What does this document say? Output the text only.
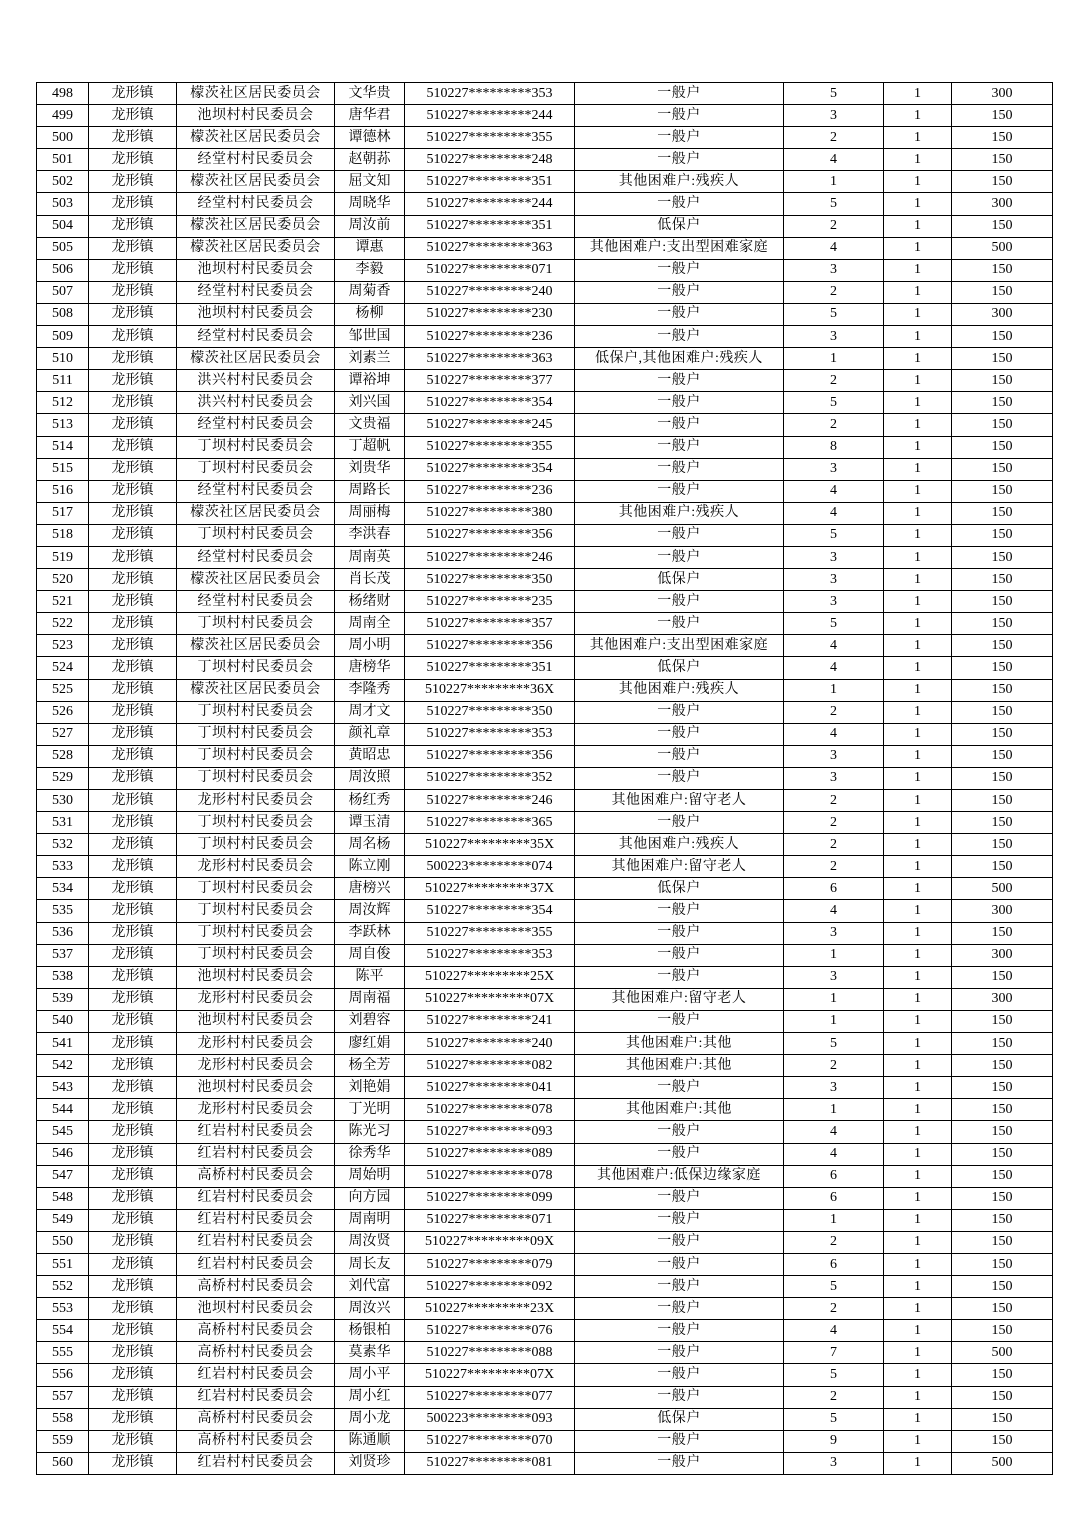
498	龙形镇	檬茨社区居民委员会	文华贵	510227*********353	一般户	5	1	300
499	龙形镇	池坝村村民委员会	唐华君	510227*********244	一般户	3	1	150
500	龙形镇	檬茨社区居民委员会	谭德林	510227*********355	一般户	2	1	150
501	龙形镇	经堂村村民委员会	赵朝荪	510227*********248	一般户	4	1	150
502	龙形镇	檬茨社区居民委员会	屈文知	510227*********351	其他困难户:残疾人	1	1	150
503	龙形镇	经堂村村民委员会	周晓华	510227*********244	一般户	5	1	300
504	龙形镇	檬茨社区居民委员会	周汝前	510227*********351	低保户	2	1	150
505	龙形镇	檬茨社区居民委员会	谭惠	510227*********363	其他困难户:支出型困难家庭	4	1	500
506	龙形镇	池坝村村民委员会	李毅	510227*********071	一般户	3	1	150
507	龙形镇	经堂村村民委员会	周菊香	510227*********240	一般户	2	1	150
508	龙形镇	池坝村村民委员会	杨柳	510227*********230	一般户	5	1	300
509	龙形镇	经堂村村民委员会	邹世国	510227*********236	一般户	3	1	150
510	龙形镇	檬茨社区居民委员会	刘素兰	510227*********363	低保户,其他困难户:残疾人	1	1	150
511	龙形镇	洪兴村村民委员会	谭裕坤	510227*********377	一般户	2	1	150
512	龙形镇	洪兴村村民委员会	刘兴国	510227*********354	一般户	5	1	150
513	龙形镇	经堂村村民委员会	文贵福	510227*********245	一般户	2	1	150
514	龙形镇	丁坝村村民委员会	丁超帆	510227*********355	一般户	8	1	150
515	龙形镇	丁坝村村民委员会	刘贵华	510227*********354	一般户	3	1	150
516	龙形镇	经堂村村民委员会	周路长	510227*********236	一般户	4	1	150
517	龙形镇	檬茨社区居民委员会	周丽梅	510227*********380	其他困难户:残疾人	4	1	150
518	龙形镇	丁坝村村民委员会	李洪春	510227*********356	一般户	5	1	150
519	龙形镇	经堂村村民委员会	周南英	510227*********246	一般户	3	1	150
520	龙形镇	檬茨社区居民委员会	肖长茂	510227*********350	低保户	3	1	150
521	龙形镇	经堂村村民委员会	杨绪财	510227*********235	一般户	3	1	150
522	龙形镇	丁坝村村民委员会	周南全	510227*********357	一般户	5	1	150
523	龙形镇	檬茨社区居民委员会	周小明	510227*********356	其他困难户:支出型困难家庭	4	1	150
524	龙形镇	丁坝村村民委员会	唐榜华	510227*********351	低保户	4	1	150
525	龙形镇	檬茨社区居民委员会	李隆秀	510227*********36X	其他困难户:残疾人	1	1	150
526	龙形镇	丁坝村村民委员会	周才文	510227*********350	一般户	2	1	150
527	龙形镇	丁坝村村民委员会	颜礼章	510227*********353	一般户	4	1	150
528	龙形镇	丁坝村村民委员会	黄昭忠	510227*********356	一般户	3	1	150
529	龙形镇	丁坝村村民委员会	周汝照	510227*********352	一般户	3	1	150
530	龙形镇	龙形村村民委员会	杨红秀	510227*********246	其他困难户:留守老人	2	1	150
531	龙形镇	丁坝村村民委员会	谭玉清	510227*********365	一般户	2	1	150
532	龙形镇	丁坝村村民委员会	周名杨	510227*********35X	其他困难户:残疾人	2	1	150
533	龙形镇	龙形村村民委员会	陈立刚	500223*********074	其他困难户:留守老人	2	1	150
534	龙形镇	丁坝村村民委员会	唐榜兴	510227*********37X	低保户	6	1	500
535	龙形镇	丁坝村村民委员会	周汝辉	510227*********354	一般户	4	1	300
536	龙形镇	丁坝村村民委员会	李跃林	510227*********355	一般户	3	1	150
537	龙形镇	丁坝村村民委员会	周自俊	510227*********353	一般户	1	1	300
538	龙形镇	池坝村村民委员会	陈平	510227*********25X	一般户	3	1	150
539	龙形镇	龙形村村民委员会	周南福	510227*********07X	其他困难户:留守老人	1	1	300
540	龙形镇	池坝村村民委员会	刘碧容	510227*********241	一般户	1	1	150
541	龙形镇	龙形村村民委员会	廖红娟	510227*********240	其他困难户:其他	5	1	150
542	龙形镇	龙形村村民委员会	杨全芳	510227*********082	其他困难户:其他	2	1	150
543	龙形镇	池坝村村民委员会	刘艳娟	510227*********041	一般户	3	1	150
544	龙形镇	龙形村村民委员会	丁光明	510227*********078	其他困难户:其他	1	1	150
545	龙形镇	红岩村村民委员会	陈光习	510227*********093	一般户	4	1	150
546	龙形镇	红岩村村民委员会	徐秀华	510227*********089	一般户	4	1	150
547	龙形镇	高桥村村民委员会	周始明	510227*********078	其他困难户:低保边缘家庭	6	1	150
548	龙形镇	红岩村村民委员会	向方园	510227*********099	一般户	6	1	150
549	龙形镇	红岩村村民委员会	周南明	510227*********071	一般户	1	1	150
550	龙形镇	红岩村村民委员会	周汝贤	510227*********09X	一般户	2	1	150
551	龙形镇	红岩村村民委员会	周长友	510227*********079	一般户	6	1	150
552	龙形镇	高桥村村民委员会	刘代富	510227*********092	一般户	5	1	150
553	龙形镇	池坝村村民委员会	周汝兴	510227*********23X	一般户	2	1	150
554	龙形镇	高桥村村民委员会	杨银柏	510227*********076	一般户	4	1	150
555	龙形镇	高桥村村民委员会	莫素华	510227*********088	一般户	7	1	500
556	龙形镇	红岩村村民委员会	周小平	510227*********07X	一般户	5	1	150
557	龙形镇	红岩村村民委员会	周小红	510227*********077	一般户	2	1	150
558	龙形镇	高桥村村民委员会	周小龙	500223*********093	低保户	5	1	150
559	龙形镇	高桥村村民委员会	陈通顺	510227*********070	一般户	9	1	150
560	龙形镇	红岩村村民委员会	刘贤珍	510227*********081	一般户	3	1	500
